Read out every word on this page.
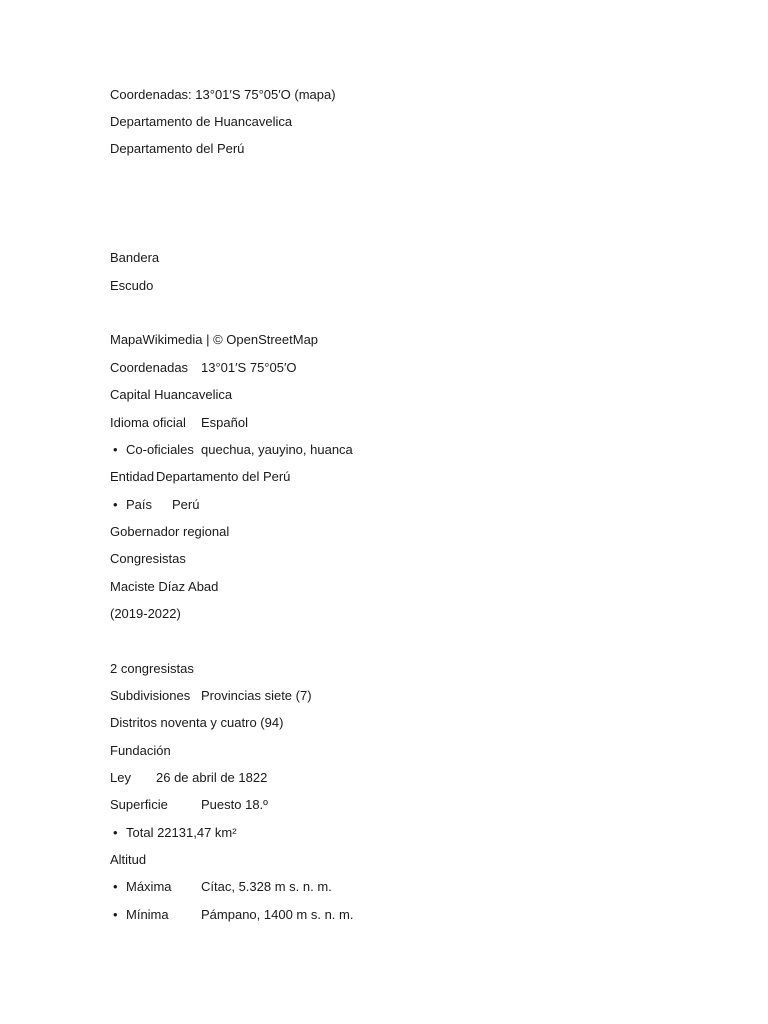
Coordenadas: 13°01′S 75°05′O (mapa)
Departamento de Huancavelica
Departamento del Perú
Bandera
Escudo
MapaWikimedia | © OpenStreetMap
Coordenadas 13°01′S 75°05′O
Capital Huancavelica
Idioma oficial Español
• Co-oficiales quechua, yauyino, huanca
Entidad Departamento del Perú
• País Perú
Gobernador regional
Congresistas
Maciste Díaz Abad
(2019-2022)
2 congresistas
Subdivisiones Provincias siete (7)
Distritos noventa y cuatro (94)
Fundación
Ley 26 de abril de 1822
Superficie	Puesto 18.º
• Total 22131,47 km²
Altitud
• Máxima Cítac, 5.328 m s. n. m.
• Mínima Pámpano, 1400 m s. n. m.
